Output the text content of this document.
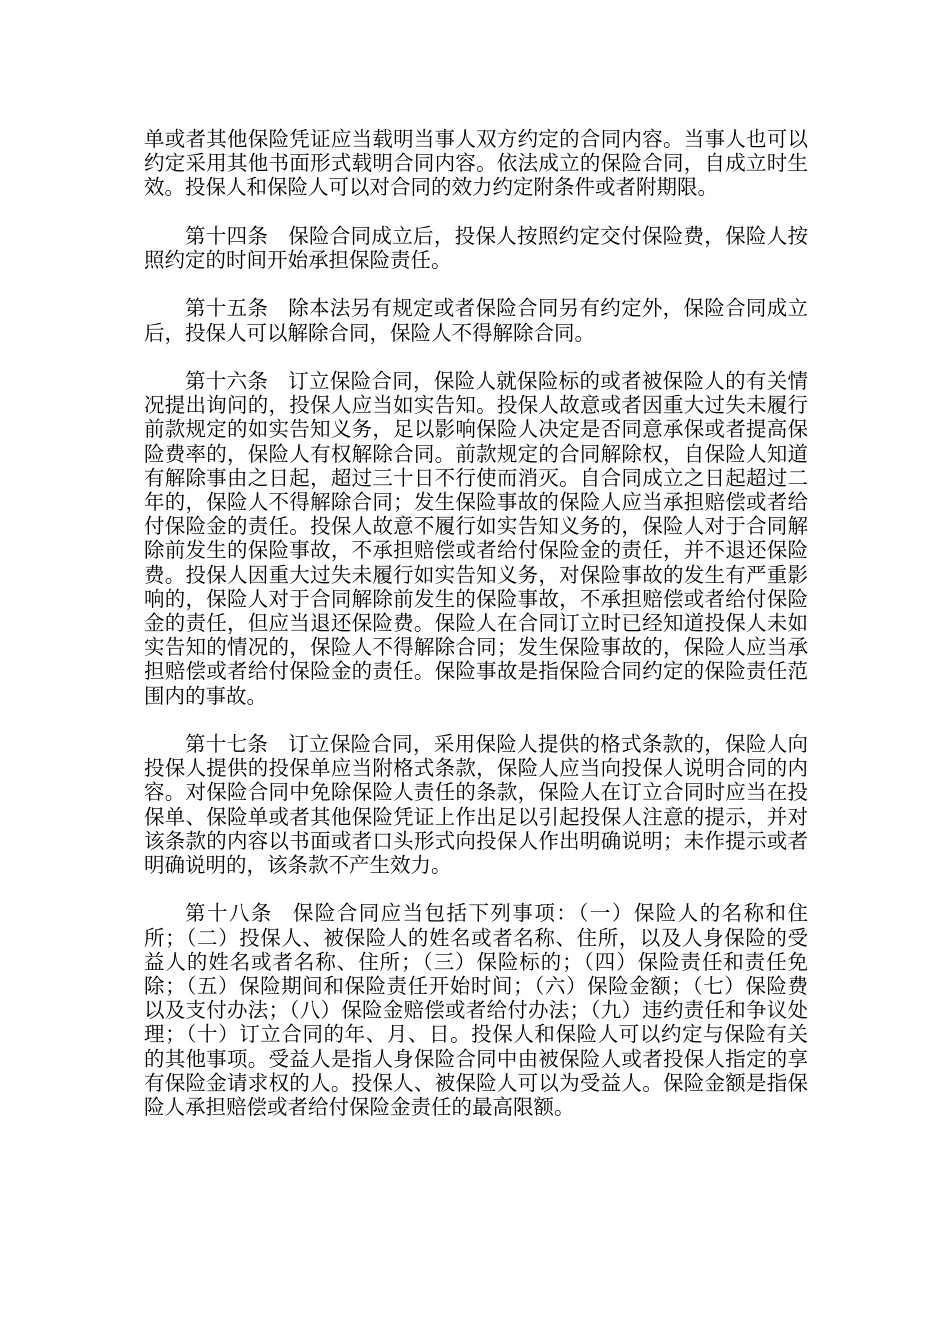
单或者其他保险凭证应当载明当事人双方约定的合同内容。当事人也可以约定采用其他书面形式载明合同内容。依法成立的保险合同，自成立时生效。投保人和保险人可以对合同的效力约定附条件或者附期限。

第十四条 保险合同成立后，投保人按照约定交付保险费，保险人按照约定的时间开始承担保险责任。

第十五条 除本法另有规定或者保险合同另有约定外，保险合同成立后，投保人可以解除合同，保险人不得解除合同。

第十六条 订立保险合同，保险人就保险标的或者被保险人的有关情况提出询问的，投保人应当如实告知。投保人故意或者因重大过失未履行前款规定的如实告知义务，足以影响保险人决定是否同意承保或者提高保险费率的，保险人有权解除合同。前款规定的合同解除权，自保险人知道有解除事由之日起，超过三十日不行使而消灭。自合同成立之日起超过二年的，保险人不得解除合同；发生保险事故的保险人应当承担赔偿或者给付保险金的责任。投保人故意不履行如实告知义务的，保险人对于合同解除前发生的保险事故，不承担赔偿或者给付保险金的责任，并不退还保险费。投保人因重大过失未履行如实告知义务，对保险事故的发生有严重影响的，保险人对于合同解除前发生的保险事故，不承担赔偿或者给付保险金的责任，但应当退还保险费。保险人在合同订立时已经知道投保人未如实告知的情况的，保险人不得解除合同；发生保险事故的，保险人应当承担赔偿或者给付保险金的责任。保险事故是指保险合同约定的保险责任范围内的事故。

第十七条 订立保险合同，采用保险人提供的格式条款的，保险人向投保人提供的投保单应当附格式条款，保险人应当向投保人说明合同的内容。对保险合同中免除保险人责任的条款，保险人在订立合同时应当在投保单、保险单或者其他保险凭证上作出足以引起投保人注意的提示，并对该条款的内容以书面或者口头形式向投保人作出明确说明；未作提示或者明确说明的，该条款不产生效力。

第十八条 保险合同应当包括下列事项：（一）保险人的名称和住所；（二）投保人、被保险人的姓名或者名称、住所，以及人身保险的受益人的姓名或者名称、住所；（三）保险标的；（四）保险责任和责任免除；（五）保险期间和保险责任开始时间；（六）保险金额；（七）保险费以及支付办法；（八）保险金赔偿或者给付办法；（九）违约责任和争议处理；（十）订立合同的年、月、日。投保人和保险人可以约定与保险有关的其他事项。受益人是指人身保险合同中由被保险人或者投保人指定的享有保险金请求权的人。投保人、被保险人可以为受益人。保险金额是指保险人承担赔偿或者给付保险金责任的最高限额。
